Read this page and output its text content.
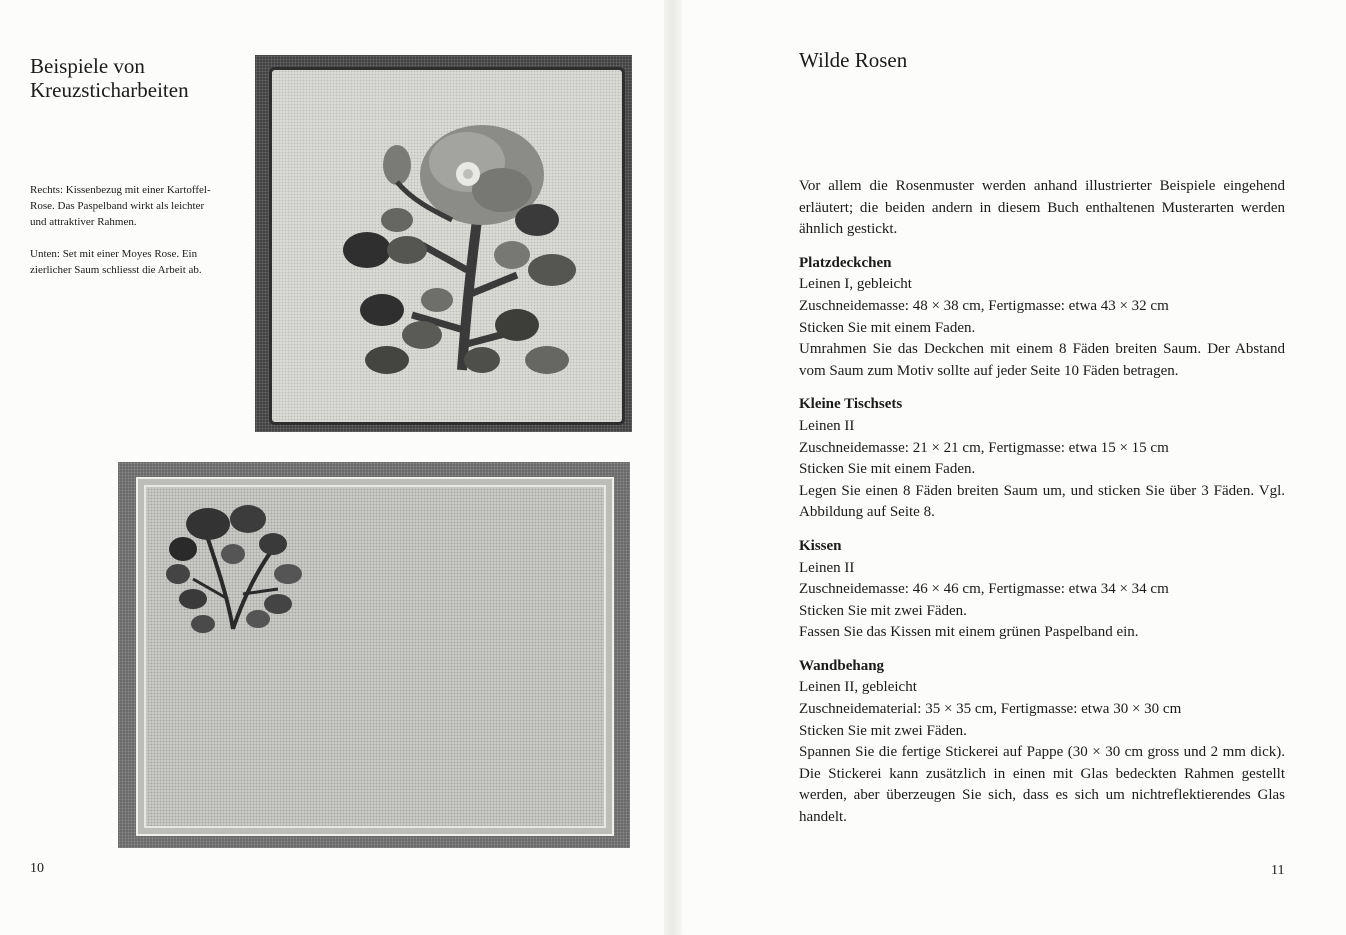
Beispiele von
Kreuzsticharbeiten

Rechts: Kissenbezug mit einer Kartoffel-Rose. Das Paspelband wirkt als leichter und attraktiver Rahmen.

Unten: Set mit einer Moyes Rose. Ein zierlicher Saum schliesst die Arbeit ab.

10
Wilde Rosen

Vor allem die Rosenmuster werden anhand illustrierter Beispiele eingehend erläutert; die beiden andern in diesem Buch enthaltenen Musterarten werden ähnlich gestickt.

Platzdeckchen

Leinen I, gebleicht

Zuschneidemasse: 48 × 38 cm, Fertigmasse: etwa 43 × 32 cm

Sticken Sie mit einem Faden.

Umrahmen Sie das Deckchen mit einem 8 Fäden breiten Saum. Der Abstand vom Saum zum Motiv sollte auf jeder Seite 10 Fäden betragen.

Kleine Tischsets

Leinen II

Zuschneidemasse: 21 × 21 cm, Fertigmasse: etwa 15 × 15 cm

Sticken Sie mit einem Faden.

Legen Sie einen 8 Fäden breiten Saum um, und sticken Sie über 3 Fäden. Vgl. Abbildung auf Seite 8.

Kissen

Leinen II

Zuschneidemasse: 46 × 46 cm, Fertigmasse: etwa 34 × 34 cm

Sticken Sie mit zwei Fäden.

Fassen Sie das Kissen mit einem grünen Paspelband ein.

Wandbehang

Leinen II, gebleicht

Zuschneidematerial: 35 × 35 cm, Fertigmasse: etwa 30 × 30 cm

Sticken Sie mit zwei Fäden.

Spannen Sie die fertige Stickerei auf Pappe (30 × 30 cm gross und 2 mm dick). Die Stickerei kann zusätzlich in einen mit Glas bedeckten Rahmen gestellt werden, aber überzeugen Sie sich, dass es sich um nichtreflektierendes Glas handelt.

11
